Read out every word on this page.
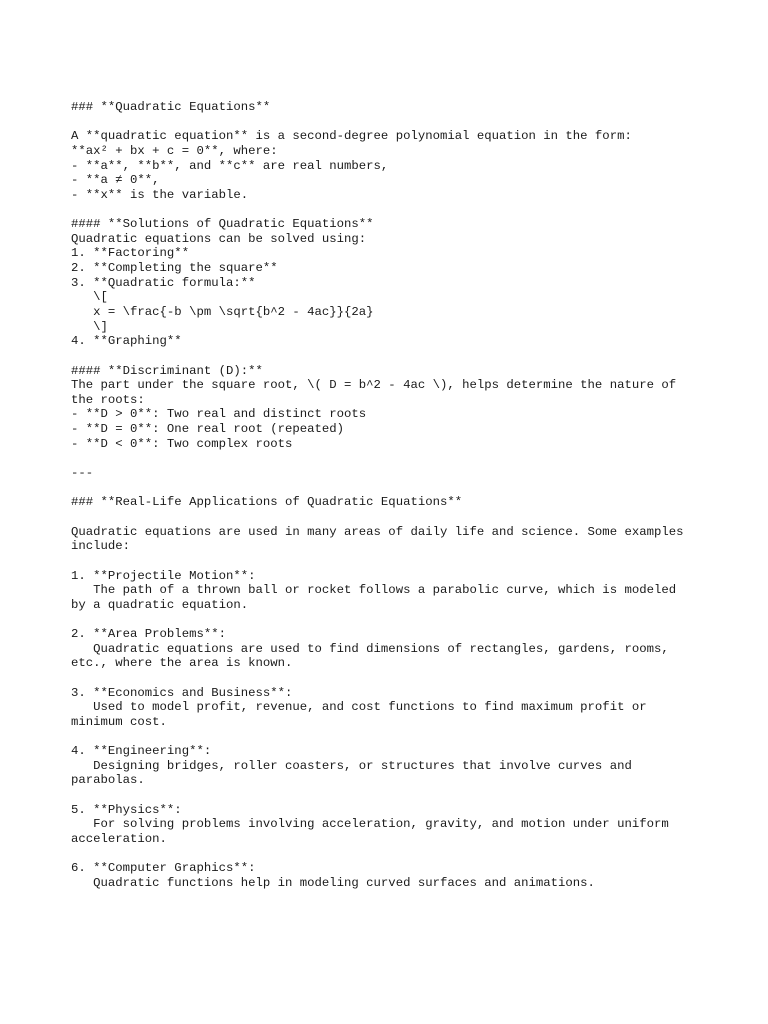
### **Quadratic Equations**
A **quadratic equation** is a second-degree polynomial equation in the form:
**ax² + bx + c = 0**, where:
- **a**, **b**, and **c** are real numbers,
- **a ≠ 0**,
- **x** is the variable.
#### **Solutions of Quadratic Equations**
Quadratic equations can be solved using:
1. **Factoring**
2. **Completing the square**
3. **Quadratic formula:**
\[
x = \frac{-b \pm \sqrt{b^2 - 4ac}}{2a}
\]
4. **Graphing**
#### **Discriminant (D):**
The part under the square root, \( D = b^2 - 4ac \), helps determine the nature of
the roots:
- **D > 0**: Two real and distinct roots
- **D = 0**: One real root (repeated)
- **D < 0**: Two complex roots
---
### **Real-Life Applications of Quadratic Equations**
Quadratic equations are used in many areas of daily life and science. Some examples
include:
1. **Projectile Motion**:
The path of a thrown ball or rocket follows a parabolic curve, which is modeled
by a quadratic equation.
2. **Area Problems**:
Quadratic equations are used to find dimensions of rectangles, gardens, rooms,
etc., where the area is known.
3. **Economics and Business**:
Used to model profit, revenue, and cost functions to find maximum profit or
minimum cost.
4. **Engineering**:
Designing bridges, roller coasters, or structures that involve curves and
parabolas.
5. **Physics**:
For solving problems involving acceleration, gravity, and motion under uniform
acceleration.
6. **Computer Graphics**:
Quadratic functions help in modeling curved surfaces and animations.
